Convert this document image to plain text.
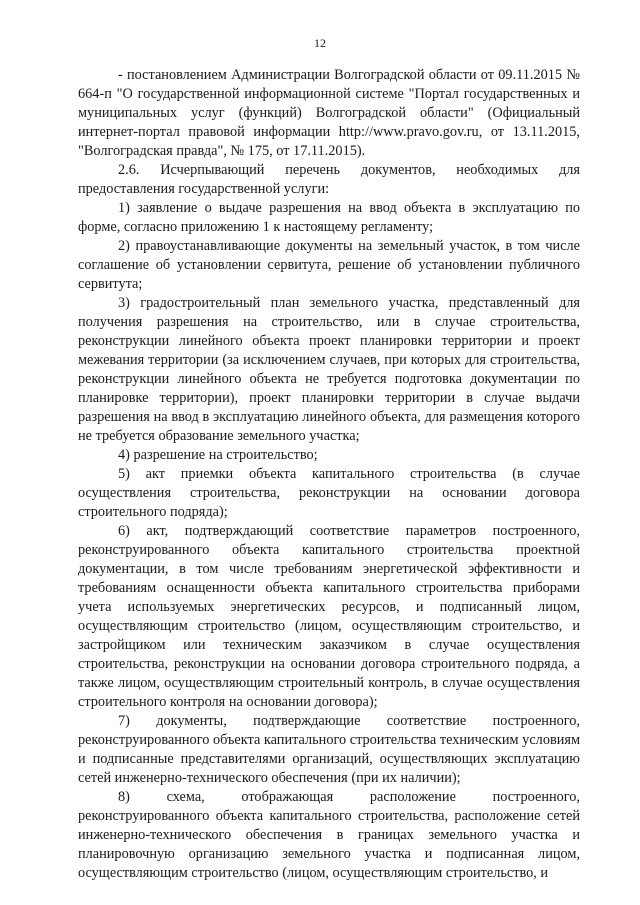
12

- постановлением Администрации Волгоградской области от 09.11.2015 № 664-п "О государственной информационной системе "Портал государственных и муниципальных услуг (функций) Волгоградской области" (Официальный интернет-портал правовой информации http://www.pravo.gov.ru, от 13.11.2015, "Волгоградская правда", № 175, от 17.11.2015).

2.6. Исчерпывающий перечень документов, необходимых для предоставления государственной услуги:

1) заявление о выдаче разрешения на ввод объекта в эксплуатацию по форме, согласно приложению 1 к настоящему регламенту;

2) правоустанавливающие документы на земельный участок, в том числе соглашение об установлении сервитута, решение об установлении публичного сервитута;

3) градостроительный план земельного участка, представленный для получения разрешения на строительство, или в случае строительства, реконструкции линейного объекта проект планировки территории и проект межевания территории (за исключением случаев, при которых для строительства, реконструкции линейного объекта не требуется подготовка документации по планировке территории), проект планировки территории в случае выдачи разрешения на ввод в эксплуатацию линейного объекта, для размещения которого не требуется образование земельного участка;

4) разрешение на строительство;

5) акт приемки объекта капитального строительства (в случае осуществления строительства, реконструкции на основании договора строительного подряда);

6) акт, подтверждающий соответствие параметров построенного, реконструированного объекта капитального строительства проектной документации, в том числе требованиям энергетической эффективности и требованиям оснащенности объекта капитального строительства приборами учета используемых энергетических ресурсов, и подписанный лицом, осуществляющим строительство (лицом, осуществляющим строительство, и застройщиком или техническим заказчиком в случае осуществления строительства, реконструкции на основании договора строительного подряда, а также лицом, осуществляющим строительный контроль, в случае осуществления строительного контроля на основании договора);

7) документы, подтверждающие соответствие построенного, реконструированного объекта капитального строительства техническим условиям и подписанные представителями организаций, осуществляющих эксплуатацию сетей инженерно-технического обеспечения (при их наличии);

8) схема, отображающая расположение построенного, реконструированного объекта капитального строительства, расположение сетей инженерно-технического обеспечения в границах земельного участка и планировочную организацию земельного участка и подписанная лицом, осуществляющим строительство (лицом, осуществляющим строительство, и
